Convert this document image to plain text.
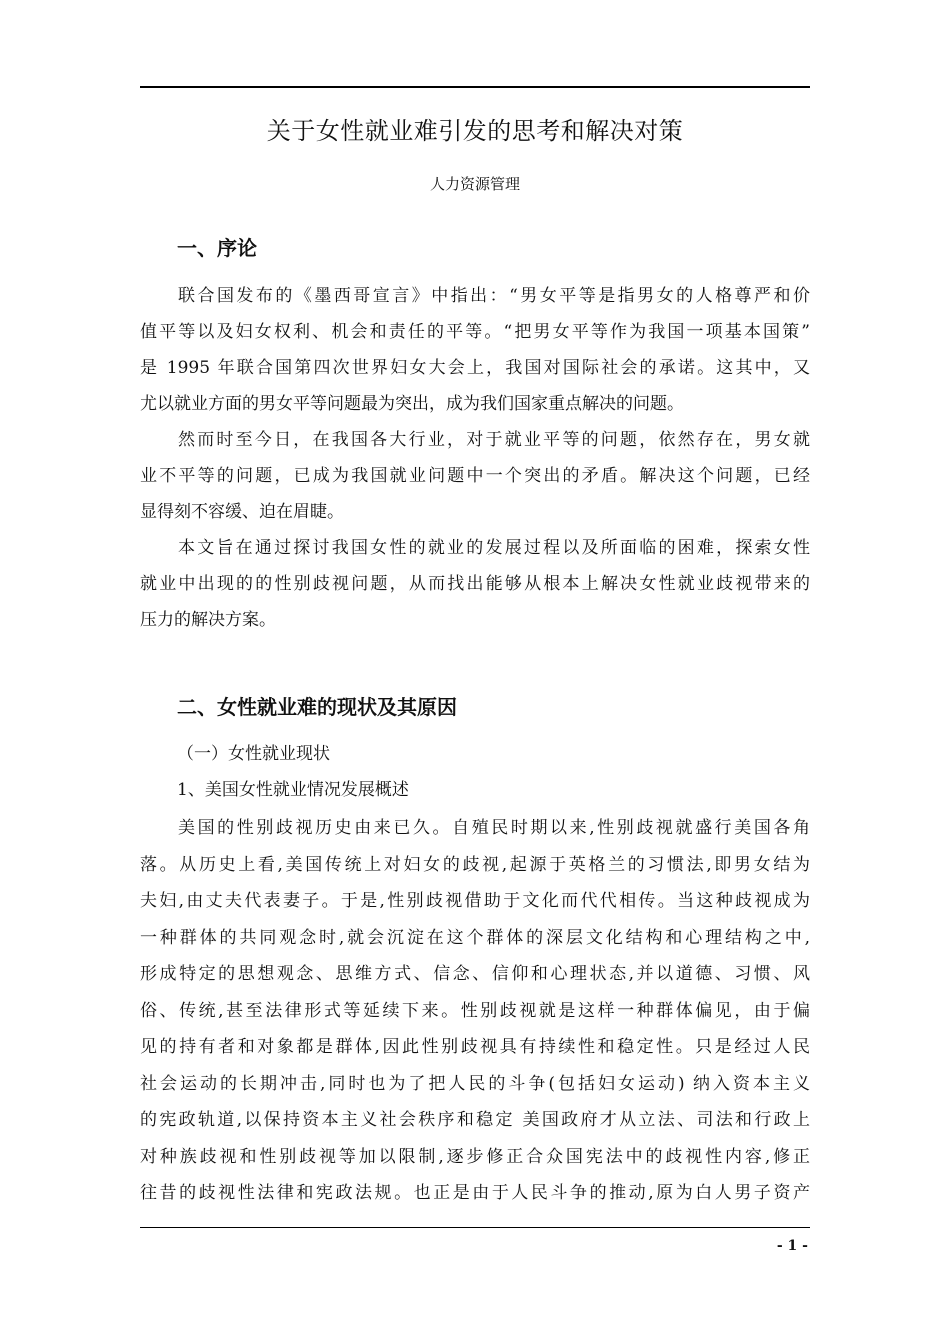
关于女性就业难引发的思考和解决对策
人力资源管理
一、序论
联合国发布的《墨西哥宣言》中指出：“男女平等是指男女的人格尊严和价
值平等以及妇女权利、机会和责任的平等。“把男女平等作为我国一项基本国策”
是 1995 年联合国第四次世界妇女大会上，我国对国际社会的承诺。这其中，又
尤以就业方面的男女平等问题最为突出，成为我们国家重点解决的问题。
然而时至今日，在我国各大行业，对于就业平等的问题，依然存在，男女就
业不平等的问题，已成为我国就业问题中一个突出的矛盾。解决这个问题，已经
显得刻不容缓、迫在眉睫。
本文旨在通过探讨我国女性的就业的发展过程以及所面临的困难，探索女性
就业中出现的的性别歧视问题，从而找出能够从根本上解决女性就业歧视带来的
压力的解决方案。
二、女性就业难的现状及其原因
（一）女性就业现状
1、美国女性就业情况发展概述
美国的性别歧视历史由来已久。自殖民时期以来,性别歧视就盛行美国各角
落。从历史上看,美国传统上对妇女的歧视,起源于英格兰的习惯法,即男女结为
夫妇,由丈夫代表妻子。于是,性别歧视借助于文化而代代相传。当这种歧视成为
一种群体的共同观念时,就会沉淀在这个群体的深层文化结构和心理结构之中,
形成特定的思想观念、思维方式、信念、信仰和心理状态,并以道德、习惯、风
俗、传统,甚至法律形式等延续下来。性别歧视就是这样一种群体偏见，由于偏
见的持有者和对象都是群体,因此性别歧视具有持续性和稳定性。只是经过人民
社会运动的长期冲击,同时也为了把人民的斗争(包括妇女运动) 纳入资本主义
的宪政轨道,以保持资本主义社会秩序和稳定 美国政府才从立法、司法和行政上
对种族歧视和性别歧视等加以限制,逐步修正合众国宪法中的歧视性内容,修正
往昔的歧视性法律和宪政法规。也正是由于人民斗争的推动,原为白人男子资产
- 1 -
